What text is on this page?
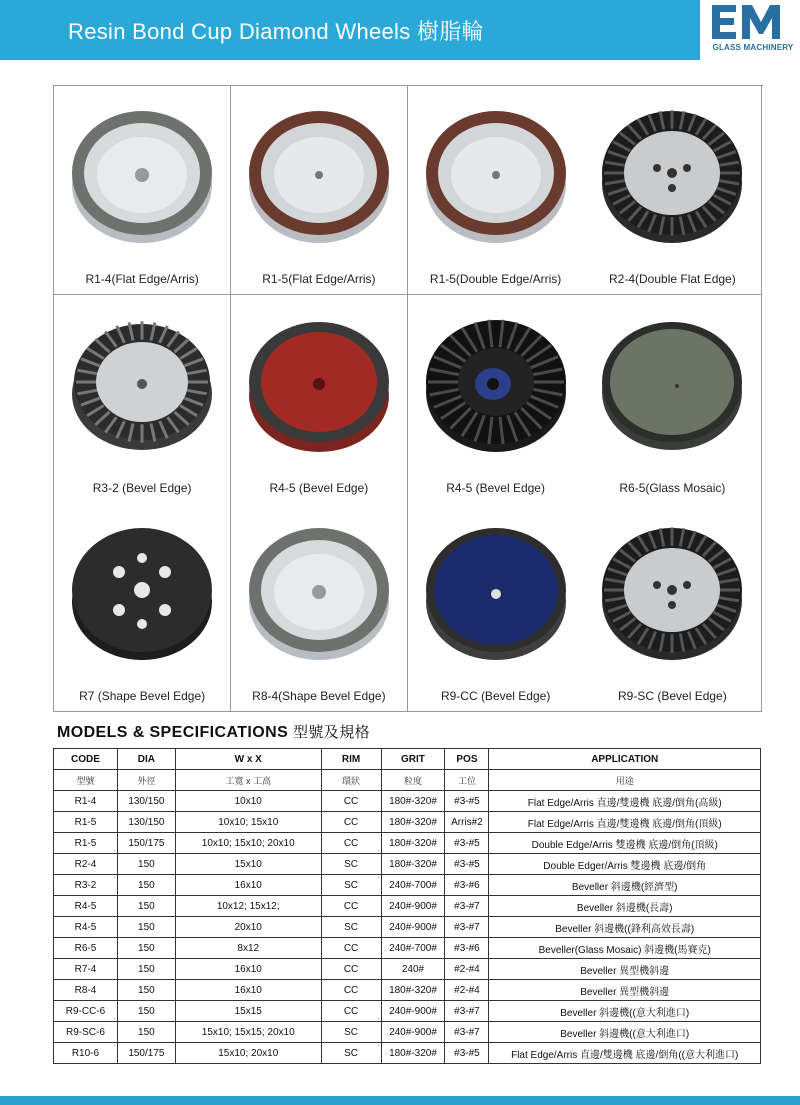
Resin Bond Cup Diamond Wheels 樹脂輪
KM
GLASS MACHINERY
R1-4(Flat Edge/Arris)	R1-5(Flat Edge/Arris)	R1-5(Double Edge/Arris)	R2-4(Double Flat Edge)
R3-2 (Bevel Edge)	R4-5 (Bevel Edge)	R4-5 (Bevel Edge)	R6-5(Glass Mosaic)
R7 (Shape Bevel Edge)	R8-4(Shape Bevel Edge)	R9-CC (Bevel Edge)	R9-SC (Bevel Edge)
MODELS & SPECIFICATIONS 型號及規格
CODE	DIA	W x X	RIM	GRIT	POS	APPLICATION
型號	外徑	工寬 x 工高	環狀	粒度	工位	用途
R1-4	130/150	10x10	CC	180#-320#	#3-#5	Flat Edge/Arris 直邊/雙邊機 底邊/倒角(高級)
R1-5	130/150	10x10; 15x10	CC	180#-320#	Arris#2	Flat Edge/Arris 直邊/雙邊機 底邊/倒角(頂級)
R1-5	150/175	10x10; 15x10; 20x10	CC	180#-320#	#3-#5	Double Edge/Arris 雙邊機 底邊/倒角(頂級)
R2-4	150	15x10	SC	180#-320#	#3-#5	Double Edger/Arris 雙邊機 底邊/倒角
R3-2	150	16x10	SC	240#-700#	#3-#6	Beveller 斜邊機(經濟型)
R4-5	150	10x12; 15x12;	CC	240#-900#	#3-#7	Beveller 斜邊機(長壽)
R4-5	150	20x10	SC	240#-900#	#3-#7	Beveller 斜邊機((鋒利高效長壽)
R6-5	150	8x12	CC	240#-700#	#3-#6	Beveller(Glass Mosaic) 斜邊機(馬賽克)
R7-4	150	16x10	CC	240#	#2-#4	Beveller 異型機斜邊
R8-4	150	16x10	CC	180#-320#	#2-#4	Beveller 異型機斜邊
R9-CC-6	150	15x15	CC	240#-900#	#3-#7	Beveller 斜邊機((意大利進口)
R9-SC-6	150	15x10; 15x15; 20x10	SC	240#-900#	#3-#7	Beveller 斜邊機((意大利進口)
R10-6	150/175	15x10; 20x10	SC	180#-320#	#3-#5	Flat Edge/Arris 直邊/雙邊機 底邊/倒角((意大利進口)
